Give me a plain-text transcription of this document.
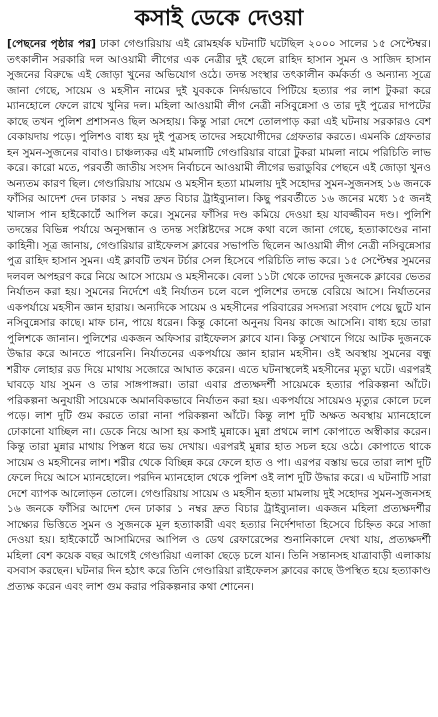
কসাই ডেকে দেওয়া

[পেছনের পৃষ্ঠার পর] ঢাকা গেণ্ডারিয়ায় এই রোমহর্ষক ঘটনাটি ঘটেছিল ২০০০ সালের ১৫ সেপ্টেম্বর। তৎকালীন সরকারি দল আওয়ামী লীগের এক নেত্রীর দুই ছেলে রাহিদ হাসান সুমন ও সাজিদ হাসান সুজনের বিরুদ্ধে এই জোড়া খুনের অভিযোগ ওঠে। তদন্ত সংস্থার তৎকালীন কর্মকর্তা ও অন্যান্য সূত্রে জানা গেছে, সায়েম ও মহসীন নামের দুই যুবককে নির্দয়ভাবে পিটিয়ে হত্যার পর লাশ টুকরা করে ম্যানহোলে ফেলে রাখে খুনির দল। মহিলা আওয়ামী লীগ নেত্রী নসিবুন্নেসা ও তার দুই পুত্রের দাপটের কাছে তখন পুলিশ প্রশাসনও ছিল অসহায়। কিন্তু সারা দেশে তোলপাড় করা এই ঘটনায় সরকারও বেশ বেকায়দায় পড়ে। পুলিশও বাধ্য হয় দুই পুত্রসহ তাদের সহযোগীদের গ্রেফতার করতে। এমনকি গ্রেফতার হন সুমন-সুজনের বাবাও। চাঞ্চল্যকর এই মামলাটি গেণ্ডারিয়ার বারো টুকরা মামলা নামে পরিচিতি লাভ করে। কারো মতে, পরবর্তী জাতীয় সংসদ নির্বাচনে আওয়ামী লীগের ভরাডুবির পেছনে এই জোড়া খুনও অন্যতম কারণ ছিল। গেণ্ডারিয়ায় সায়েম ও মহসীন হত্যা মামলায় দুই সহোদর সুমন-সুজনসহ ১৬ জনকে ফাঁসির আদেশ দেন ঢাকার ১ নম্বর দ্রুত বিচার ট্রাইব্যুনাল। কিছু পরবর্তীতে ১৬ জনের মধ্যে ১৫ জনই খালাস পান হাইকোর্টে আপিল করে। সুমনের ফাঁসির দণ্ড কমিয়ে দেওয়া হয় যাবজ্জীবন দণ্ড। পুলিশি তদন্তের বিভিন্ন পর্যায়ে অনুসন্ধান ও তদন্ত সংশ্লিষ্টদের সঙ্গে কথা বলে জানা গেছে, হত্যাকাণ্ডের নানা কাহিনী। সূত্র জানায়, গেণ্ডারিয়ার রাইফেলস ক্লাবের সভাপতি ছিলেন আওয়ামী লীগ নেত্রী নসিবুন্নেসার পুত্র রাহিদ হাসান সুমন। এই ক্লাবটি তখন টর্চার সেল হিসেবে পরিচিতি লাভ করে। ১৫ সেপ্টেম্বর সুমনের দলবল অপহরণ করে নিয়ে আসে সায়েম ও মহসীনকে। বেলা ১১টা থেকে তাদের দুজনকে ক্লাবের ভেতর নির্যাতন করা হয়। সুমনের নির্দেশে এই নির্যাতন চলে বলে পুলিশের তদন্তে বেরিয়ে আসে। নির্যাতনের একপর্যায়ে মহসীন জ্ঞান হারায়। অন্যদিকে সায়েম ও মহসীনের পরিবারের সদস্যরা সংবাদ পেয়ে ছুটে যান নসিবুন্নেসার কাছে। মাফ চান, পায়ে ধরেন। কিন্তু কোনো অনুনয় বিনয় কাজে আসেনি। বাধ্য হয়ে তারা পুলিশকে জানান। পুলিশের একজন অফিসার রাইফেলস ক্লাবে যান। কিন্তু সেখানে গিয়ে আটক দুজনকে উদ্ধার করে আনতে পারেননি। নির্যাতনের একপর্যায়ে জ্ঞান হারান মহসীন। ওই অবস্থায় সুমনের বন্ধু শরীফ লোহার রড দিয়ে মাথায় সজোরে আঘাত করেন। এতে ঘটনাস্থলেই মহসীনের মৃত্যু ঘটে। এরপরই ঘাবড়ে যায় সুমন ও তার সাঙ্গপাঙ্গরা। তারা এবার প্রত্যক্ষদর্শী সায়েমকে হত্যার পরিকল্পনা আঁটে। পরিকল্পনা অনুযায়ী সায়েমকে অমানবিকভাবে নির্যাতন করা হয়। একপর্যায়ে সায়েমও মৃত্যুর কোলে ঢলে পড়ে। লাশ দুটি গুম করতে তারা নানা পরিকল্পনা আঁটে। কিন্তু লাশ দুটি অক্ষত অবস্থায় ম্যানহোলে ঢোকানো যাচ্ছিল না। ডেকে নিয়ে আসা হয় কসাই মুন্নাকে। মুন্না প্রথমে লাশ কোপাতে অস্বীকার করেন। কিন্তু তারা মুন্নার মাথায় পিস্তল ধরে ভয় দেখায়। এরপরই মুন্নার হাত সচল হয়ে ওঠে। কোপাতে থাকে সায়েম ও মহসীনের লাশ। শরীর থেকে বিচ্ছিন্ন করে ফেলে হাত ও পা। এরপর বস্তায় ভরে তারা লাশ দুটি ফেলে দিয়ে আসে ম্যানহোলে। পরদিন ম্যানহোল থেকে পুলিশ ওই লাশ দুটি উদ্ধার করে। এ ঘটনাটি সারা দেশে ব্যাপক আলোড়ন তোলে। গেণ্ডারিয়ায় সায়েম ও মহসীন হত্যা মামলায় দুই সহোদর সুমন-সুজনসহ ১৬ জনকে ফাঁসির আদেশ দেন ঢাকার ১ নম্বর দ্রুত বিচার ট্রাইব্যুনাল। একজন মহিলা প্রত্যক্ষদর্শীর সাক্ষ্যের ভিত্তিতে সুমন ও সুজনকে মূল হত্যাকারী এবং হত্যার নির্দেশদাতা হিসেবে চিহ্নিত করে সাজা দেওয়া হয়। হাইকোর্টে আসামিদের আপিল ও ডেথ রেফারেন্সের শুনানিকালে দেখা যায়, প্রত্যক্ষদর্শী মহিলা বেশ কয়েক বছর আগেই গেণ্ডারিয়া এলাকা ছেড়ে চলে যান। তিনি সন্তানসহ যাত্রাবাড়ী এলাকায় বসবাস করছেন। ঘটনার দিন হঠাৎ করে তিনি গেণ্ডারিয়া রাইফেলস ক্লাবের কাছে উপস্থিত হয়ে হত্যাকাণ্ড প্রত্যক্ষ করেন এবং লাশ গুম করার পরিকল্পনার কথা শোনেন।
